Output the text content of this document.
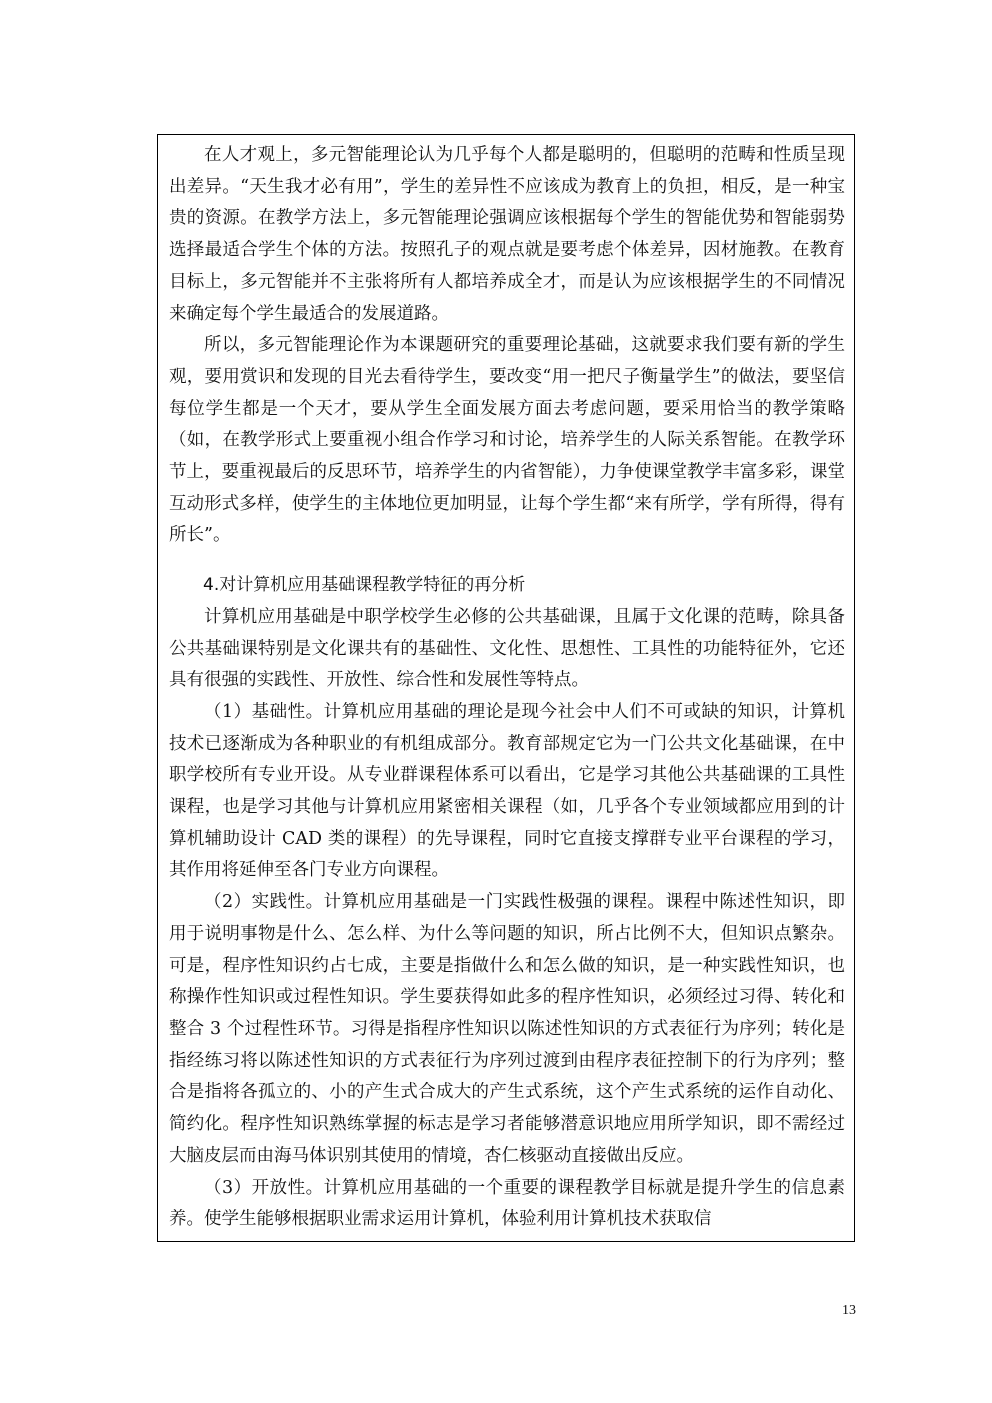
在人才观上，多元智能理论认为几乎每个人都是聪明的，但聪明的范畴和性质呈现出差异。“天生我才必有用”，学生的差异性不应该成为教育上的负担，相反，是一种宝贵的资源。在教学方法上，多元智能理论强调应该根据每个学生的智能优势和智能弱势选择最适合学生个体的方法。按照孔子的观点就是要考虑个体差异，因材施教。在教育目标上，多元智能并不主张将所有人都培养成全才，而是认为应该根据学生的不同情况来确定每个学生最适合的发展道路。

所以，多元智能理论作为本课题研究的重要理论基础，这就要求我们要有新的学生观，要用赏识和发现的目光去看待学生，要改变“用一把尺子衡量学生”的做法，要坚信每位学生都是一个天才，要从学生全面发展方面去考虑问题，要采用恰当的教学策略（如，在教学形式上要重视小组合作学习和讨论，培养学生的人际关系智能。在教学环节上，要重视最后的反思环节，培养学生的内省智能），力争使课堂教学丰富多彩，课堂互动形式多样，使学生的主体地位更加明显，让每个学生都“来有所学，学有所得，得有所长”。

4.对计算机应用基础课程教学特征的再分析

计算机应用基础是中职学校学生必修的公共基础课，且属于文化课的范畴，除具备公共基础课特别是文化课共有的基础性、文化性、思想性、工具性的功能特征外，它还具有很强的实践性、开放性、综合性和发展性等特点。

（1）基础性。计算机应用基础的理论是现今社会中人们不可或缺的知识，计算机技术已逐渐成为各种职业的有机组成部分。教育部规定它为一门公共文化基础课，在中职学校所有专业开设。从专业群课程体系可以看出，它是学习其他公共基础课的工具性课程，也是学习其他与计算机应用紧密相关课程（如，几乎各个专业领域都应用到的计算机辅助设计 CAD 类的课程）的先导课程，同时它直接支撑群专业平台课程的学习，其作用将延伸至各门专业方向课程。

（2）实践性。计算机应用基础是一门实践性极强的课程。课程中陈述性知识，即用于说明事物是什么、怎么样、为什么等问题的知识，所占比例不大，但知识点繁杂。可是，程序性知识约占七成，主要是指做什么和怎么做的知识，是一种实践性知识，也称操作性知识或过程性知识。学生要获得如此多的程序性知识，必须经过习得、转化和整合 3 个过程性环节。习得是指程序性知识以陈述性知识的方式表征行为序列；转化是指经练习将以陈述性知识的方式表征行为序列过渡到由程序表征控制下的行为序列；整合是指将各孤立的、小的产生式合成大的产生式系统，这个产生式系统的运作自动化、简约化。程序性知识熟练掌握的标志是学习者能够潜意识地应用所学知识，即不需经过大脑皮层而由海马体识别其使用的情境，杏仁核驱动直接做出反应。

（3）开放性。计算机应用基础的一个重要的课程教学目标就是提升学生的信息素养。使学生能够根据职业需求运用计算机，体验利用计算机技术获取信

13
